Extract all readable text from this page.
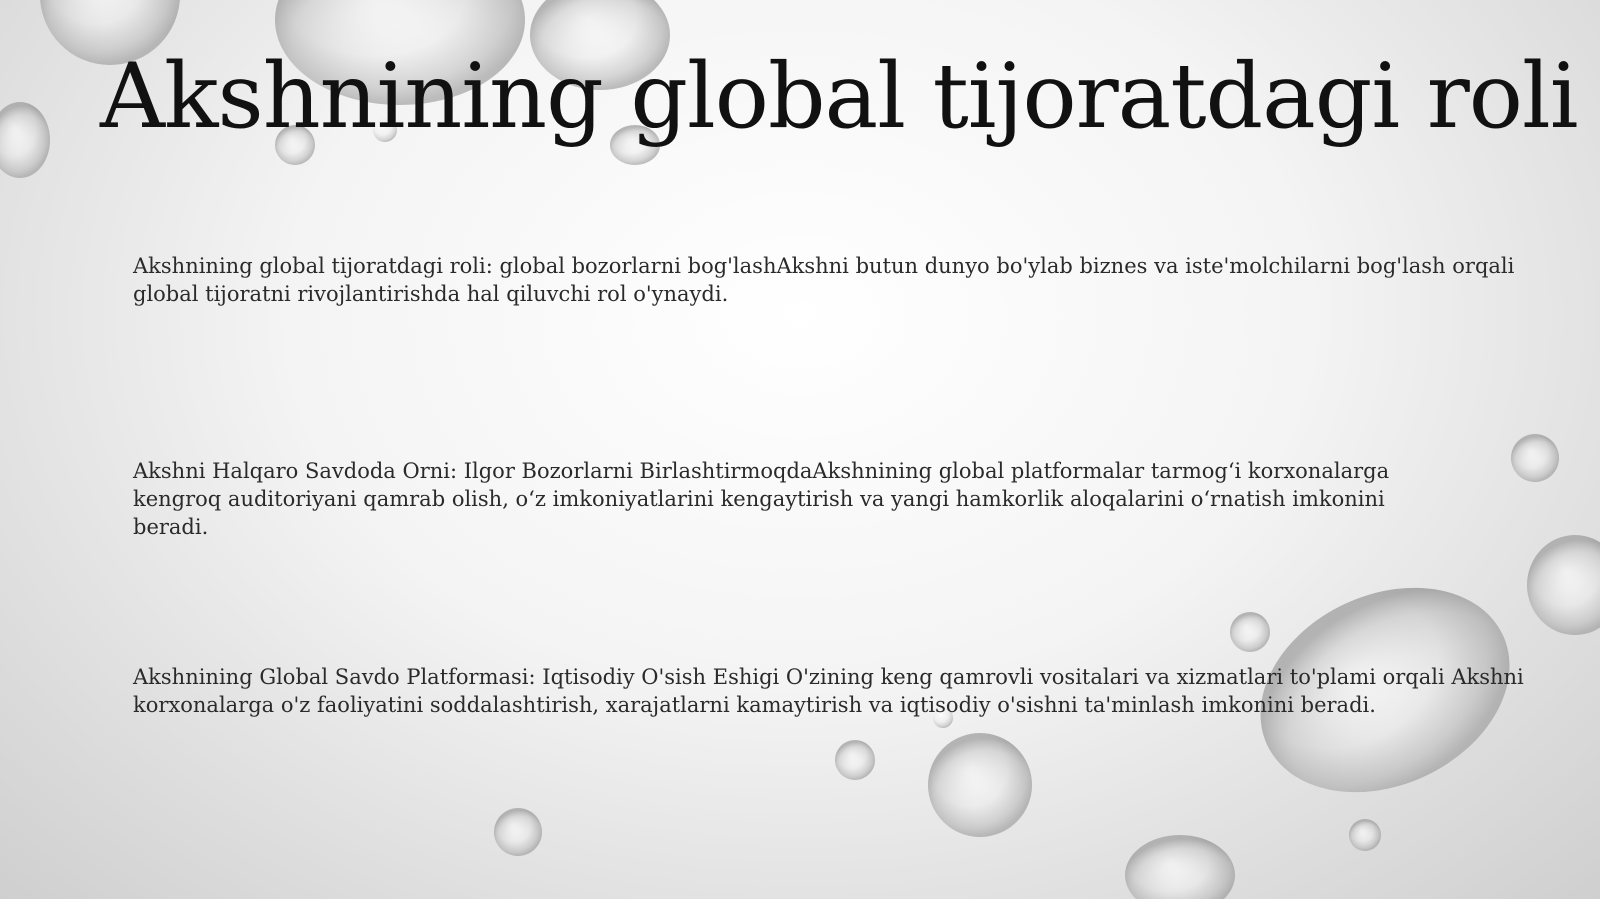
Akshnining global tijoratdagi roli

Akshnining global tijoratdagi roli: global bozorlarni bog'lashAkshni butun dunyo bo'ylab biznes va iste'molchilarni bog'lash orqali global tijoratni rivojlantirishda hal qiluvchi rol o'ynaydi.

Akshni Halqaro Savdoda Orni: Ilgor Bozorlarni BirlashtirmoqdaAkshnining global platformalar tarmog‘i korxonalarga kengroq auditoriyani qamrab olish, o‘z imkoniyatlarini kengaytirish va yangi hamkorlik aloqalarini o‘rnatish imkonini beradi.

Akshnining Global Savdo Platformasi: Iqtisodiy O'sish Eshigi O'zining keng qamrovli vositalari va xizmatlari to'plami orqali Akshni korxonalarga o'z faoliyatini soddalashtirish, xarajatlarni kamaytirish va iqtisodiy o'sishni ta'minlash imkonini beradi.
